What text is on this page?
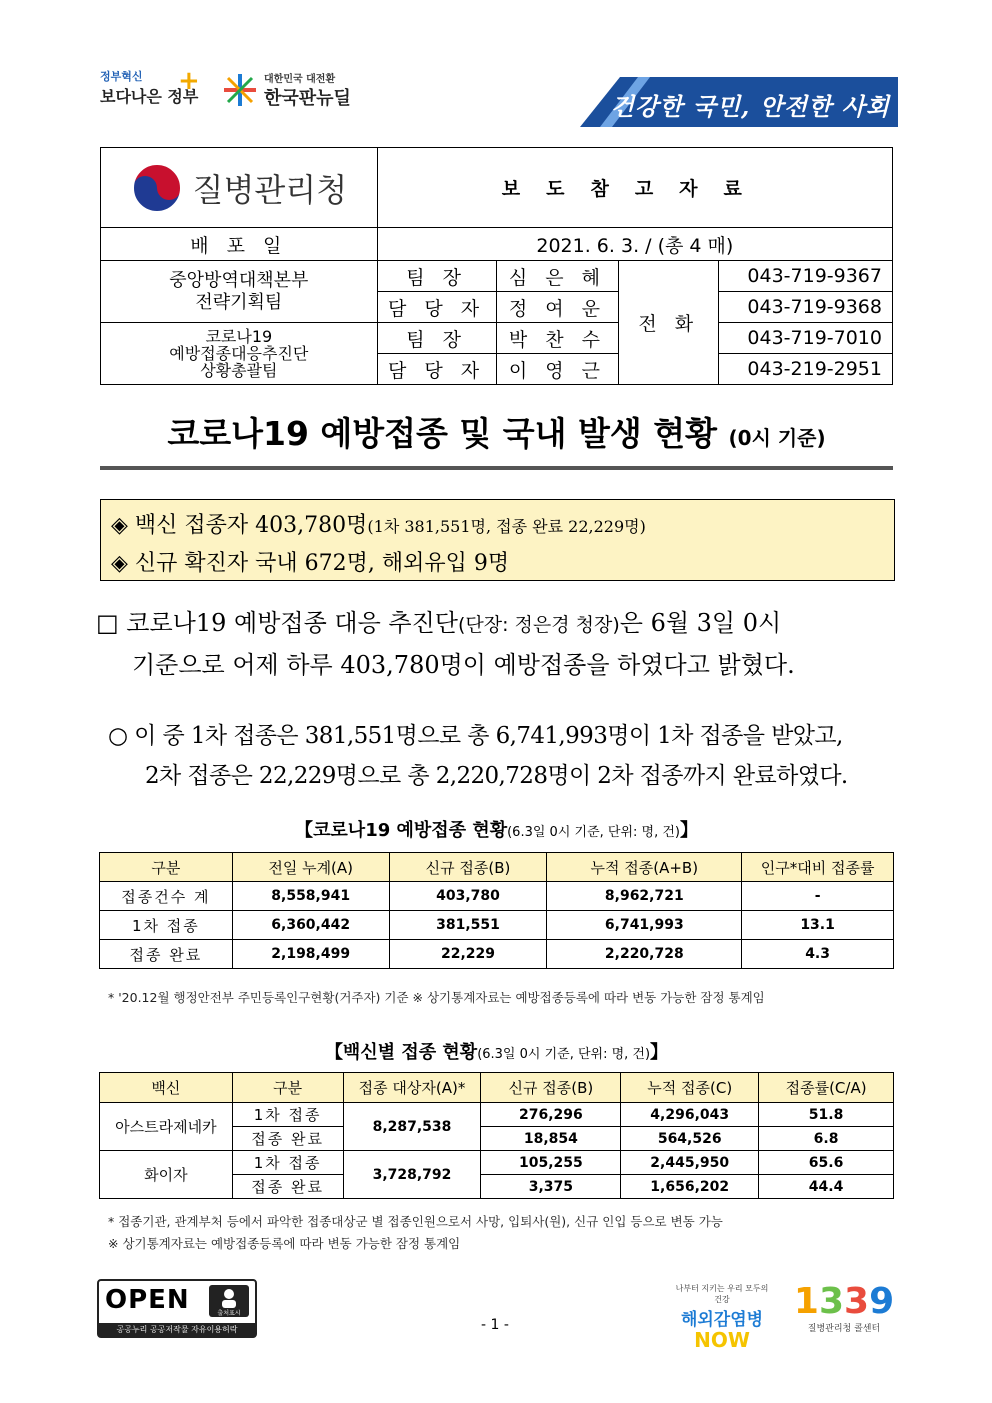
정부혁신
보다나은 정부
+	대한민국 대전환
한국판뉴딜	건강한 국민, 안전한 사회
질병관리청	보도참고자료			
배 포 일	2021. 6. 3. / (총 4 매)			
중앙방역대책본부
전략기획팀	팀 장	심 은 혜	전 화	043-719-9367
	담 당 자	정 여 운		043-719-9368
코로나19
예방접종대응추진단
상황총괄팀	팀 장	박 찬 수		043-719-7010
	담 당 자	이 영 근		043-219-2951
코로나19 예방접종 및 국내 발생 현황 (0시 기준)
◈ 백신 접종자 403,780명(1차 381,551명, 접종 완료 22,229명)
◈ 신규 확진자 국내 672명, 해외유입 9명
□ 코로나19 예방접종 대응 추진단(단장: 정은경 청장)은 6월 3일 0시
기준으로 어제 하루 403,780명이 예방접종을 하였다고 밝혔다.
○ 이 중 1차 접종은 381,551명으로 총 6,741,993명이 1차 접종을 받았고,
2차 접종은 22,229명으로 총 2,220,728명이 2차 접종까지 완료하였다.
【코로나19 예방접종 현황(6.3일 0시 기준, 단위: 명, 건)】
구분	전일 누계(A)	신규 접종(B)	누적 접종(A+B)	인구*대비 접종률
접종건수 계	8,558,941	403,780	8,962,721	-
1차 접종	6,360,442	381,551	6,741,993	13.1
접종 완료	2,198,499	22,229	2,220,728	4.3
* '20.12월 행정안전부 주민등록인구현황(거주자) 기준 ※ 상기통계자료는 예방접종등록에 따라 변동 가능한 잠정 통계임
【백신별 접종 현황(6.3일 0시 기준, 단위: 명, 건)】
백신	구분	접종 대상자(A)*	신규 접종(B)	누적 접종(C)	접종률(C/A)
아스트라제네카	1차 접종	8,287,538	276,296	4,296,043	51.8
	접종 완료		18,854	564,526	6.8
화이자	1차 접종	3,728,792	105,255	2,445,950	65.6
	접종 완료		3,375	1,656,202	44.4
* 접종기관, 관계부처 등에서 파악한 접종대상군 별 접종인원으로서 사망, 입퇴사(원), 신규 인입 등으로 변동 가능
※ 상기통계자료는 예방접종등록에 따라 변동 가능한 잠정 통계임
OPEN	출처표시
공공누리 공공저작물 자유이용허락	- 1 -
나부터 지키는 우리 모두의 건강
해외감염병
NOW
1339
질병관리청 콜센터
